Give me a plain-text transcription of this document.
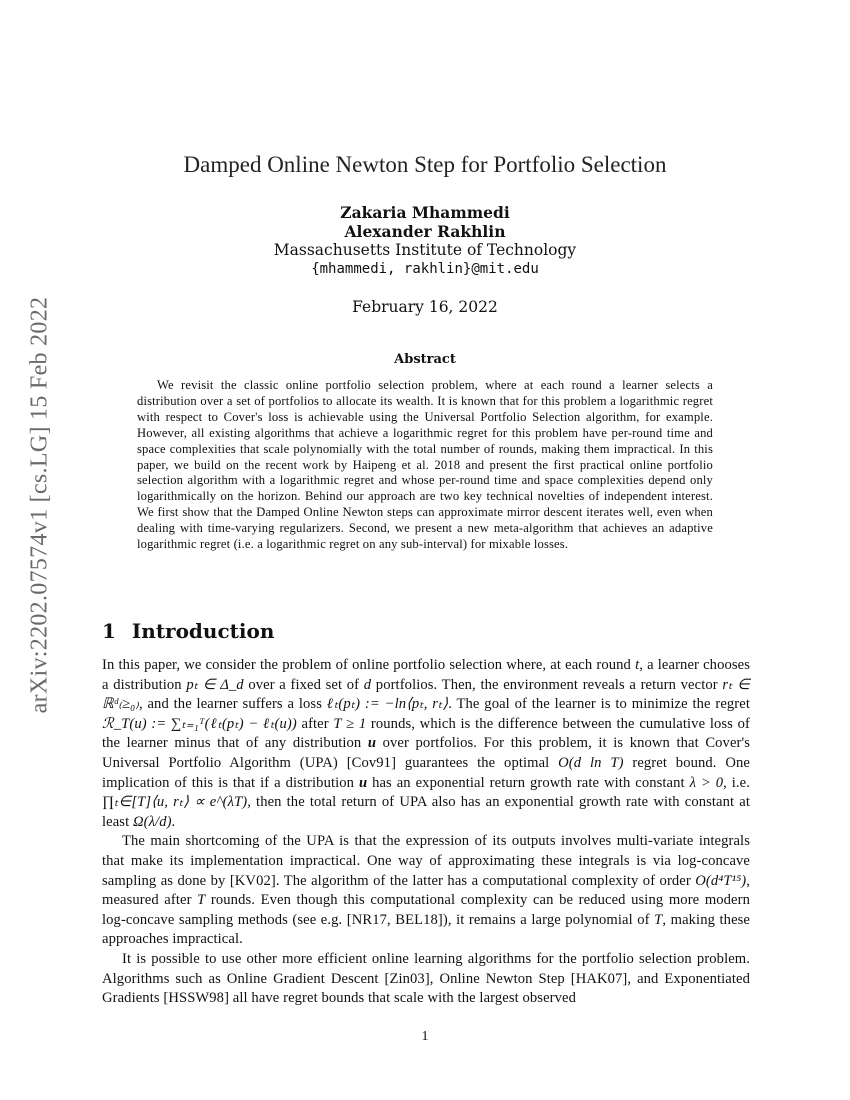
arXiv:2202.07574v1 [cs.LG] 15 Feb 2022
Damped Online Newton Step for Portfolio Selection
Zakaria Mhammedi
Alexander Rakhlin
Massachusetts Institute of Technology
{mhammedi, rakhlin}@mit.edu
February 16, 2022
Abstract

We revisit the classic online portfolio selection problem, where at each round a learner selects a distribution over a set of portfolios to allocate its wealth. It is known that for this problem a logarithmic regret with respect to Cover's loss is achievable using the Universal Portfolio Selection algorithm, for example. However, all existing algorithms that achieve a logarithmic regret for this problem have per-round time and space complexities that scale polynomially with the total number of rounds, making them impractical. In this paper, we build on the recent work by Haipeng et al. 2018 and present the first practical online portfolio selection algorithm with a logarithmic regret and whose per-round time and space complexities depend only logarithmically on the horizon. Behind our approach are two key technical novelties of independent interest. We first show that the Damped Online Newton steps can approximate mirror descent iterates well, even when dealing with time-varying regularizers. Second, we present a new meta-algorithm that achieves an adaptive logarithmic regret (i.e. a logarithmic regret on any sub-interval) for mixable losses.

1 Introduction

In this paper, we consider the problem of online portfolio selection where, at each round t, a learner chooses a distribution pₜ ∈ Δ_d over a fixed set of d portfolios. Then, the environment reveals a return vector rₜ ∈ ℝᵈ₍≥₀₎, and the learner suffers a loss ℓₜ(pₜ) := −ln⟨pₜ, rₜ⟩. The goal of the learner is to minimize the regret ℛ_T(u) := ∑ₜ₌₁ᵀ(ℓₜ(pₜ) − ℓₜ(u)) after T ≥ 1 rounds, which is the difference between the cumulative loss of the learner minus that of any distribution u over portfolios. For this problem, it is known that Cover's Universal Portfolio Algorithm (UPA) [Cov91] guarantees the optimal O(d ln T) regret bound. One implication of this is that if a distribution u has an exponential return growth rate with constant λ > 0, i.e. ∏ₜ∈[T]⟨u, rₜ⟩ ∝ e^(λT), then the total return of UPA also has an exponential growth rate with constant at least Ω(λ/d).

The main shortcoming of the UPA is that the expression of its outputs involves multi-variate integrals that make its implementation impractical. One way of approximating these integrals is via log-concave sampling as done by [KV02]. The algorithm of the latter has a computational complexity of order O(d⁴T¹⁵), measured after T rounds. Even though this computational complexity can be reduced using more modern log-concave sampling methods (see e.g. [NR17, BEL18]), it remains a large polynomial of T, making these approaches impractical.

It is possible to use other more efficient online learning algorithms for the portfolio selection problem. Algorithms such as Online Gradient Descent [Zin03], Online Newton Step [HAK07], and Exponentiated Gradients [HSSW98] all have regret bounds that scale with the largest observed

1
